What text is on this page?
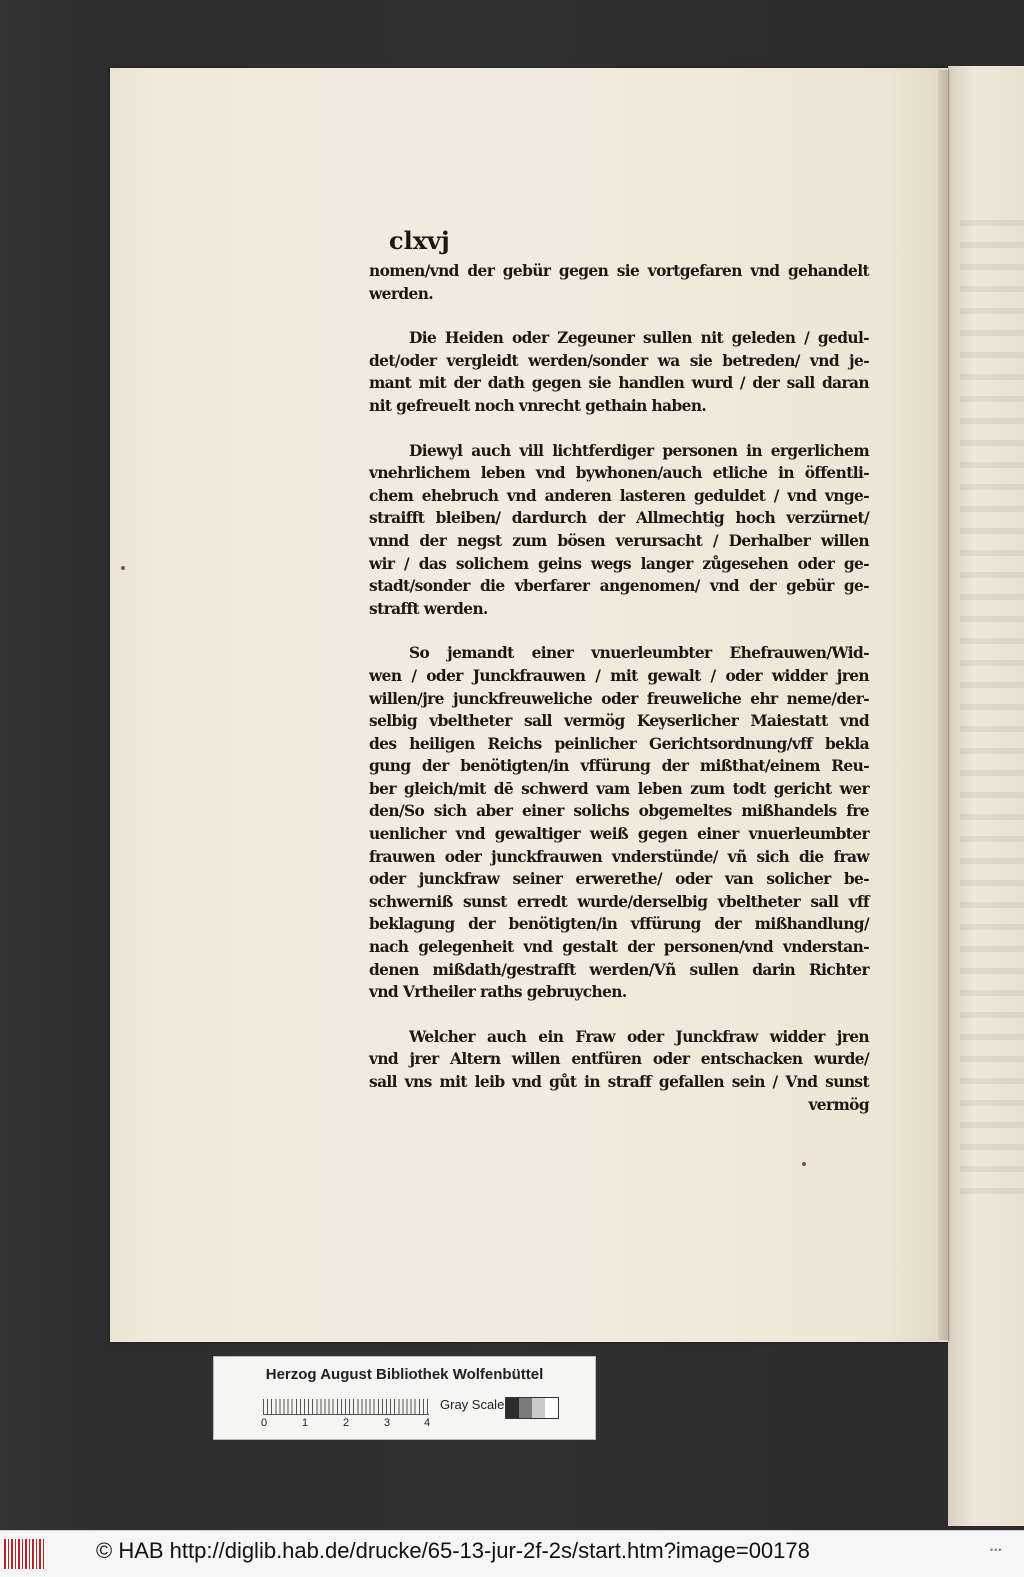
clxvj
nomen/vnd der gebür gegen sie vortgefaren vnd gehandelt
werden.
Die Heiden oder Zegeuner sullen nit geleden / gedul-
det/oder vergleidt werden/sonder wa sie betreden/ vnd je-
mant mit der dath gegen sie handlen wurd / der sall daran
nit gefreuelt noch vnrecht gethain haben.
Diewyl auch vill lichtferdiger personen in ergerlichem
vnehrlichem leben vnd bywhonen/auch etliche in öffentli-
chem ehebruch vnd anderen lasteren geduldet / vnd vnge-
straifft bleiben/ dardurch der Allmechtig hoch verzürnet/
vnnd der negst zum bösen verursacht / Derhalber willen
wir / das solichem geins wegs langer zůgesehen oder ge-
stadt/sonder die vberfarer angenomen/ vnd der gebür ge-
strafft werden.
So jemandt einer vnuerleumbter Ehefrauwen/Wid-
wen / oder Junckfrauwen / mit gewalt / oder widder jren
willen/jre junckfreuweliche oder freuweliche ehr neme/der-
selbig vbeltheter sall vermög Keyserlicher Maiestatt vnd
des heiligen Reichs peinlicher Gerichtsordnung/vff bekla
gung der benötigten/in vffürung der mißthat/einem Reu-
ber gleich/mit dē schwerd vam leben zum todt gericht wer
den/So sich aber einer solichs obgemeltes mißhandels fre
uenlicher vnd gewaltiger weiß gegen einer vnuerleumbter
frauwen oder junckfrauwen vnderstünde/ vñ sich die fraw
oder junckfraw seiner erwerethe/ oder van solicher be-
schwerniß sunst erredt wurde/derselbig vbeltheter sall vff
beklagung der benötigten/in vffürung der mißhandlung/
nach gelegenheit vnd gestalt der personen/vnd vnderstan-
denen mißdath/gestrafft werden/Vñ sullen darin Richter
vnd Vrtheiler raths gebruychen.
Welcher auch ein Fraw oder Junckfraw widder jren
vnd jrer Altern willen entfüren oder entschacken wurde/
sall vns mit leib vnd gůt in straff gefallen sein / Vnd sunst
vermög
Herzog August Bibliothek Wolfenbüttel
0	1	2	3	4
Gray Scale
© HAB http://diglib.hab.de/drucke/65-13-jur-2f-2s/start.htm?image=00178	•••
